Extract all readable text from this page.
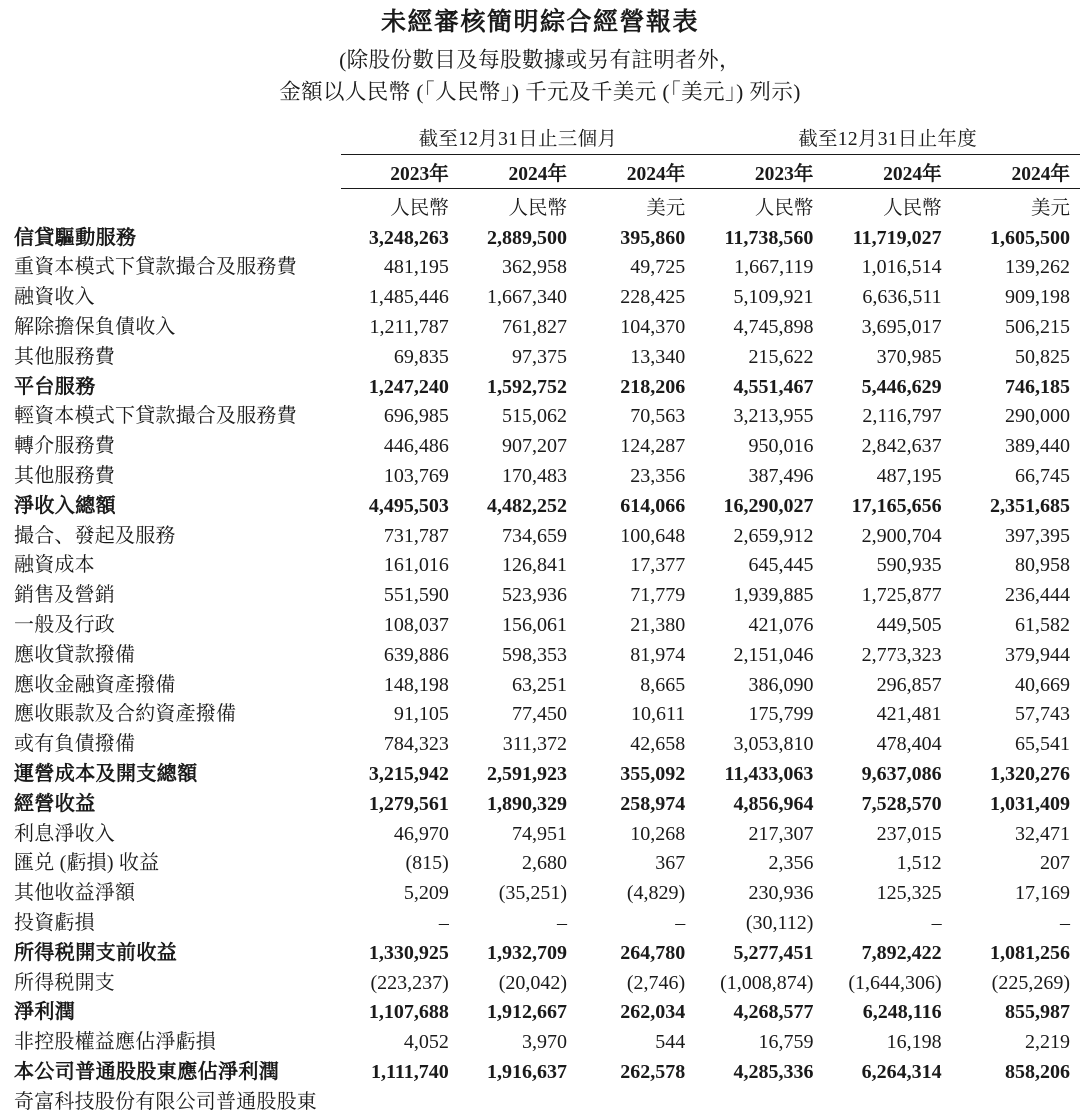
未經審核簡明綜合經營報表
(除股份數目及每股數據或另有註明者外，
金額以人民幣 (「人民幣」) 千元及千美元 (「美元」) 列示)
	截至12月31日止三個月			截至12月31日止年度		
	2023年	2024年	2024年	2023年	2024年	2024年
	人民幣	人民幣	美元	人民幣	人民幣	美元
信貸驅動服務	3,248,263	2,889,500	395,860	11,738,560	11,719,027	1,605,500
重資本模式下貸款撮合及服務費	481,195	362,958	49,725	1,667,119	1,016,514	139,262
融資收入	1,485,446	1,667,340	228,425	5,109,921	6,636,511	909,198
解除擔保負債收入	1,211,787	761,827	104,370	4,745,898	3,695,017	506,215
其他服務費	69,835	97,375	13,340	215,622	370,985	50,825
平台服務	1,247,240	1,592,752	218,206	4,551,467	5,446,629	746,185
輕資本模式下貸款撮合及服務費	696,985	515,062	70,563	3,213,955	2,116,797	290,000
轉介服務費	446,486	907,207	124,287	950,016	2,842,637	389,440
其他服務費	103,769	170,483	23,356	387,496	487,195	66,745
淨收入總額	4,495,503	4,482,252	614,066	16,290,027	17,165,656	2,351,685
撮合、發起及服務	731,787	734,659	100,648	2,659,912	2,900,704	397,395
融資成本	161,016	126,841	17,377	645,445	590,935	80,958
銷售及營銷	551,590	523,936	71,779	1,939,885	1,725,877	236,444
一般及行政	108,037	156,061	21,380	421,076	449,505	61,582
應收貸款撥備	639,886	598,353	81,974	2,151,046	2,773,323	379,944
應收金融資產撥備	148,198	63,251	8,665	386,090	296,857	40,669
應收賬款及合約資產撥備	91,105	77,450	10,611	175,799	421,481	57,743
或有負債撥備	784,323	311,372	42,658	3,053,810	478,404	65,541
運營成本及開支總額	3,215,942	2,591,923	355,092	11,433,063	9,637,086	1,320,276
經營收益	1,279,561	1,890,329	258,974	4,856,964	7,528,570	1,031,409
利息淨收入	46,970	74,951	10,268	217,307	237,015	32,471
匯兑 (虧損) 收益	(815)	2,680	367	2,356	1,512	207
其他收益淨額	5,209	(35,251)	(4,829)	230,936	125,325	17,169
投資虧損	–	–	–	(30,112)	–	–
所得税開支前收益	1,330,925	1,932,709	264,780	5,277,451	7,892,422	1,081,256
所得税開支	(223,237)	(20,042)	(2,746)	(1,008,874)	(1,644,306)	(225,269)
淨利潤	1,107,688	1,912,667	262,034	4,268,577	6,248,116	855,987
非控股權益應佔淨虧損	4,052	3,970	544	16,759	16,198	2,219
本公司普通股股東應佔淨利潤	1,111,740	1,916,637	262,578	4,285,336	6,264,314	858,206
奇富科技股份有限公司普通股股東						
